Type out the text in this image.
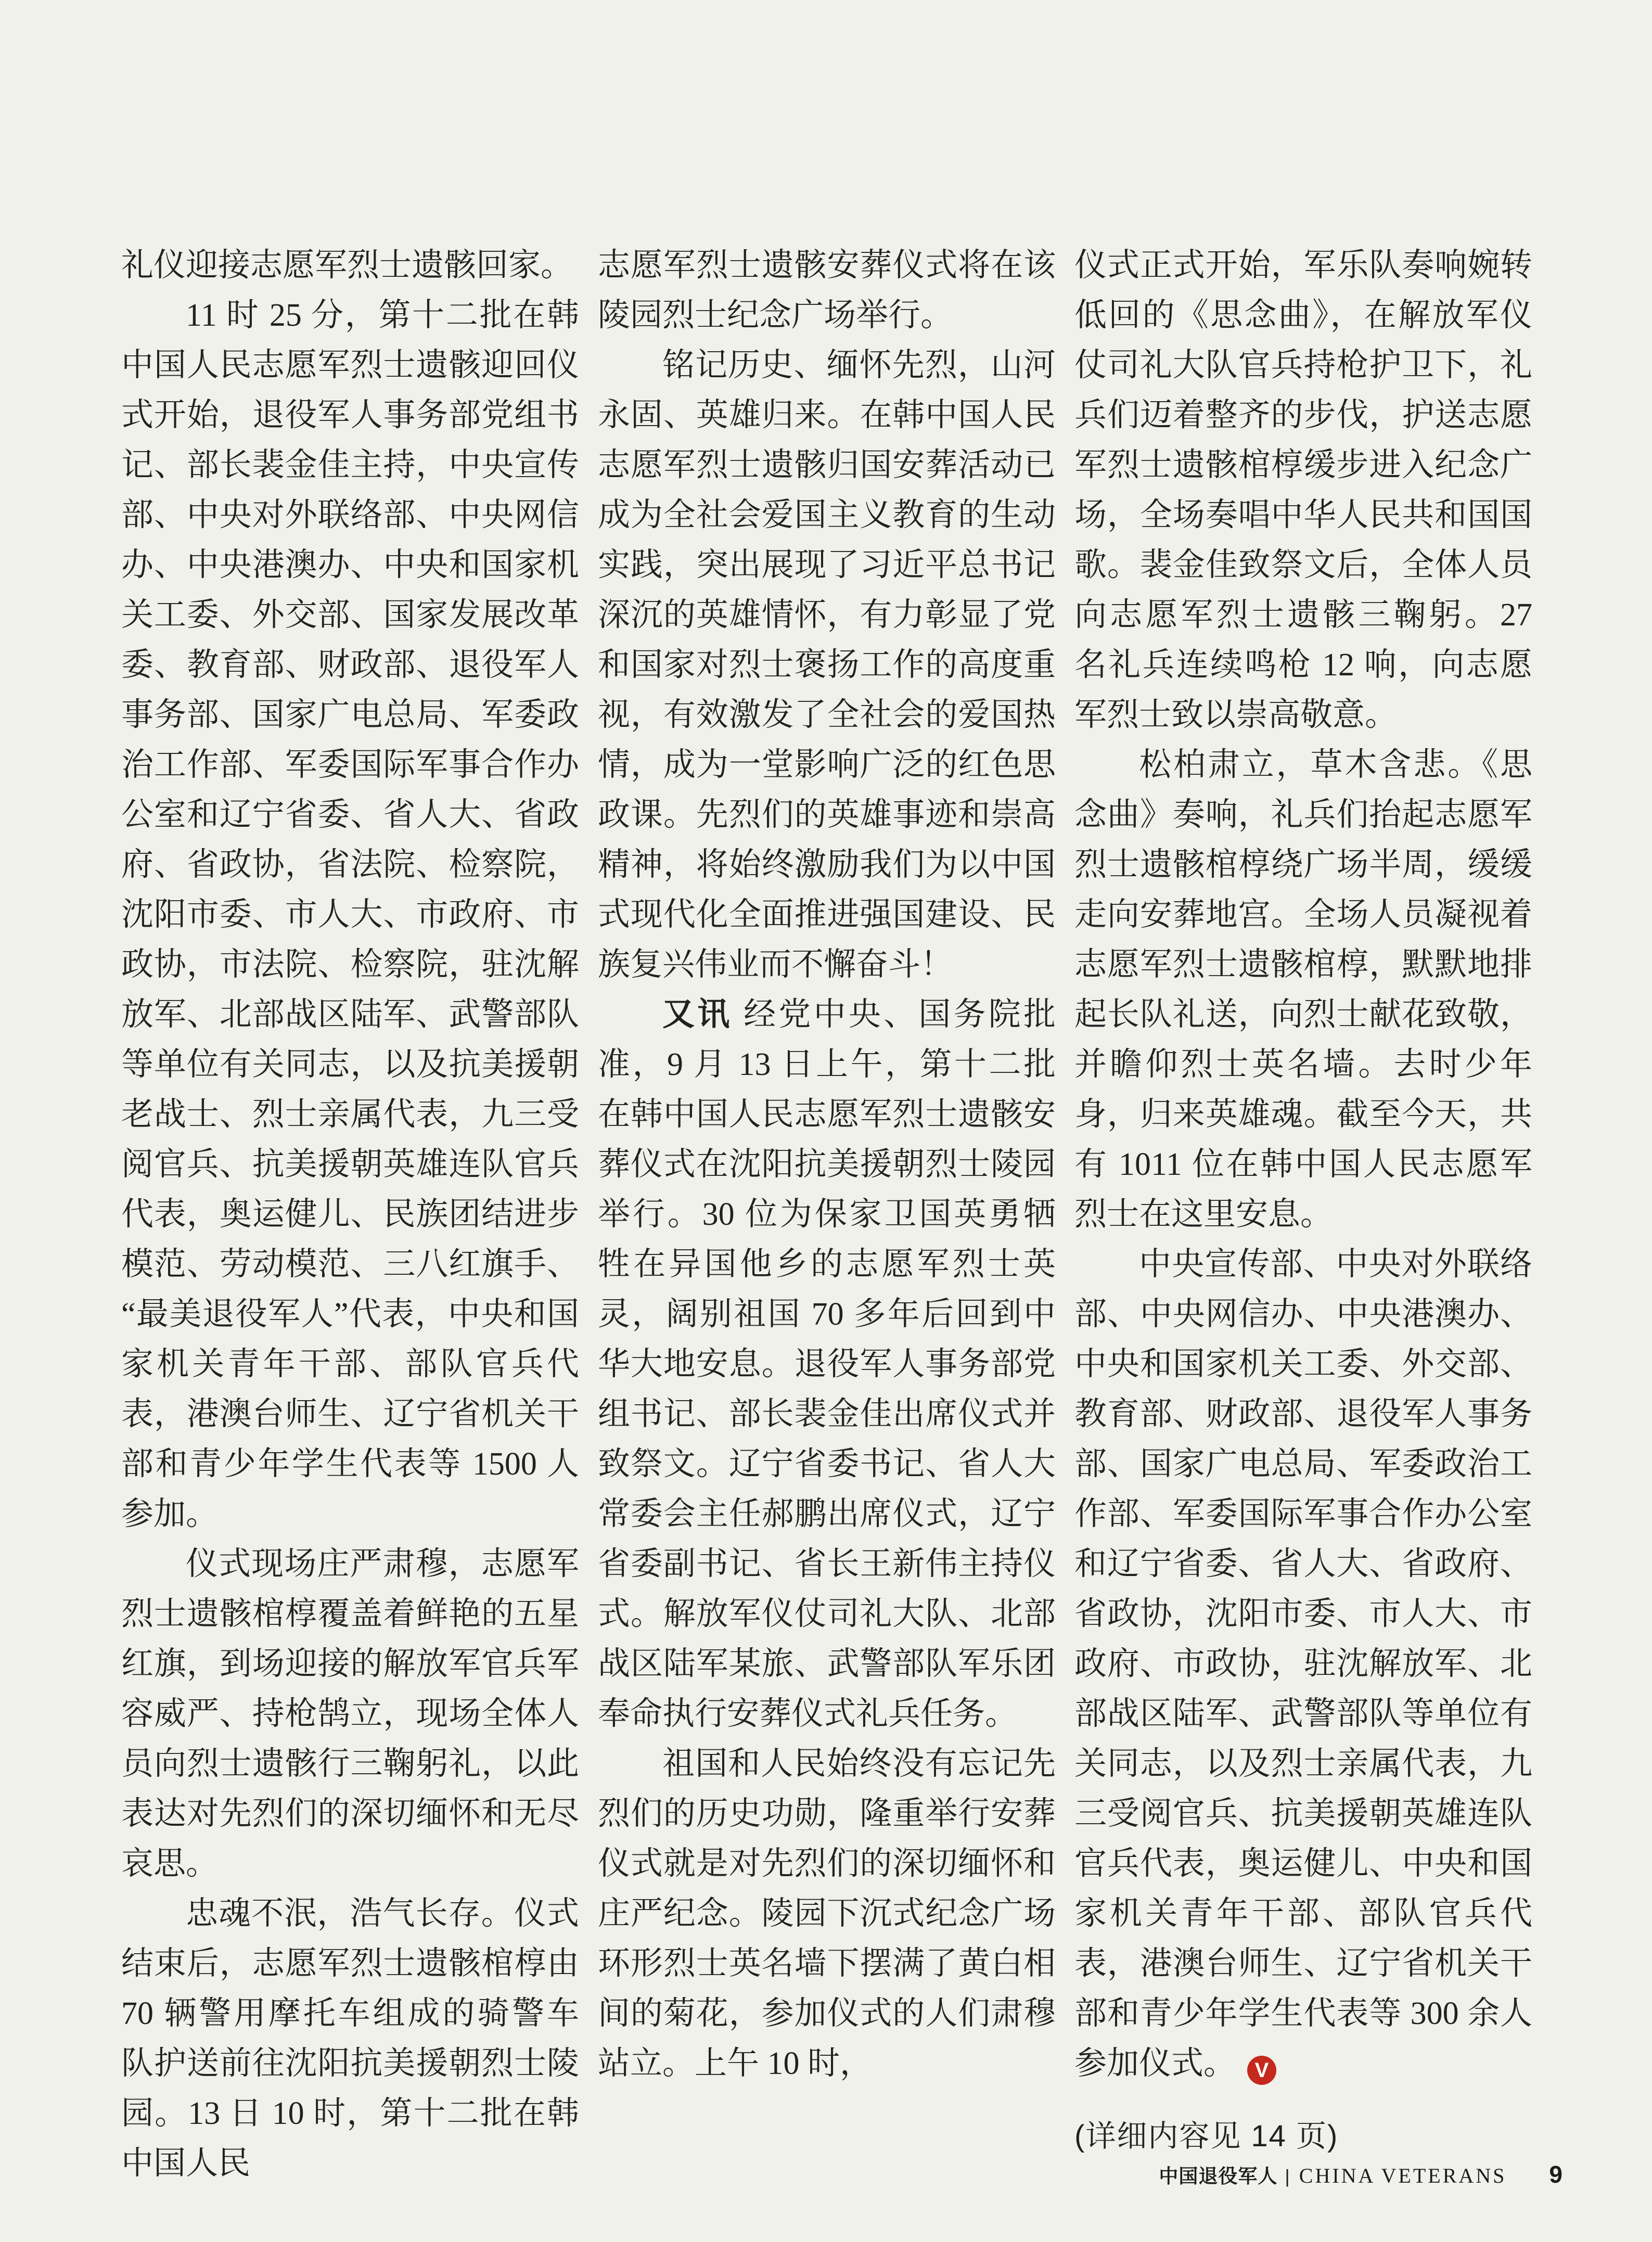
礼仪迎接志愿军烈士遗骸回家。

11 时 25 分，第十二批在韩中国人民志愿军烈士遗骸迎回仪式开始，退役军人事务部党组书记、部长裴金佳主持，中央宣传部、中央对外联络部、中央网信办、中央港澳办、中央和国家机关工委、外交部、国家发展改革委、教育部、财政部、退役军人事务部、国家广电总局、军委政治工作部、军委国际军事合作办公室和辽宁省委、省人大、省政府、省政协，省法院、检察院，沈阳市委、市人大、市政府、市政协，市法院、检察院，驻沈解放军、北部战区陆军、武警部队等单位有关同志，以及抗美援朝老战士、烈士亲属代表，九三受阅官兵、抗美援朝英雄连队官兵代表，奥运健儿、民族团结进步模范、劳动模范、三八红旗手、“最美退役军人”代表，中央和国家机关青年干部、部队官兵代表，港澳台师生、辽宁省机关干部和青少年学生代表等 1500 人参加。

仪式现场庄严肃穆，志愿军烈士遗骸棺椁覆盖着鲜艳的五星红旗，到场迎接的解放军官兵军容威严、持枪鹄立，现场全体人员向烈士遗骸行三鞠躬礼，以此表达对先烈们的深切缅怀和无尽哀思。

忠魂不泯，浩气长存。仪式结束后，志愿军烈士遗骸棺椁由 70 辆警用摩托车组成的骑警车队护送前往沈阳抗美援朝烈士陵园。13 日 10 时，第十二批在韩中国人民

志愿军烈士遗骸安葬仪式将在该陵园烈士纪念广场举行。

铭记历史、缅怀先烈，山河永固、英雄归来。在韩中国人民志愿军烈士遗骸归国安葬活动已成为全社会爱国主义教育的生动实践，突出展现了习近平总书记深沉的英雄情怀，有力彰显了党和国家对烈士褒扬工作的高度重视，有效激发了全社会的爱国热情，成为一堂影响广泛的红色思政课。先烈们的英雄事迹和崇高精神，将始终激励我们为以中国式现代化全面推进强国建设、民族复兴伟业而不懈奋斗！

又讯 经党中央、国务院批准，9 月 13 日上午，第十二批在韩中国人民志愿军烈士遗骸安葬仪式在沈阳抗美援朝烈士陵园举行。30 位为保家卫国英勇牺牲在异国他乡的志愿军烈士英灵，阔别祖国 70 多年后回到中华大地安息。退役军人事务部党组书记、部长裴金佳出席仪式并致祭文。辽宁省委书记、省人大常委会主任郝鹏出席仪式，辽宁省委副书记、省长王新伟主持仪式。解放军仪仗司礼大队、北部战区陆军某旅、武警部队军乐团奉命执行安葬仪式礼兵任务。

祖国和人民始终没有忘记先烈们的历史功勋，隆重举行安葬仪式就是对先烈们的深切缅怀和庄严纪念。陵园下沉式纪念广场环形烈士英名墙下摆满了黄白相间的菊花，参加仪式的人们肃穆站立。上午 10 时，

仪式正式开始，军乐队奏响婉转低回的《思念曲》，在解放军仪仗司礼大队官兵持枪护卫下，礼兵们迈着整齐的步伐，护送志愿军烈士遗骸棺椁缓步进入纪念广场，全场奏唱中华人民共和国国歌。裴金佳致祭文后，全体人员向志愿军烈士遗骸三鞠躬。27 名礼兵连续鸣枪 12 响，向志愿军烈士致以崇高敬意。

松柏肃立，草木含悲。《思念曲》奏响，礼兵们抬起志愿军烈士遗骸棺椁绕广场半周，缓缓走向安葬地宫。全场人员凝视着志愿军烈士遗骸棺椁，默默地排起长队礼送，向烈士献花致敬，并瞻仰烈士英名墙。去时少年身，归来英雄魂。截至今天，共有 1011 位在韩中国人民志愿军烈士在这里安息。

中央宣传部、中央对外联络部、中央网信办、中央港澳办、中央和国家机关工委、外交部、教育部、财政部、退役军人事务部、国家广电总局、军委政治工作部、军委国际军事合作办公室和辽宁省委、省人大、省政府、省政协，沈阳市委、市人大、市政府、市政协，驻沈解放军、北部战区陆军、武警部队等单位有关同志，以及烈士亲属代表，九三受阅官兵、抗美援朝英雄连队官兵代表，奥运健儿、中央和国家机关青年干部、部队官兵代表，港澳台师生、辽宁省机关干部和青少年学生代表等 300 余人参加仪式。 V

(详细内容见 14 页)

中国退役军人 | CHINA VETERANS 9
